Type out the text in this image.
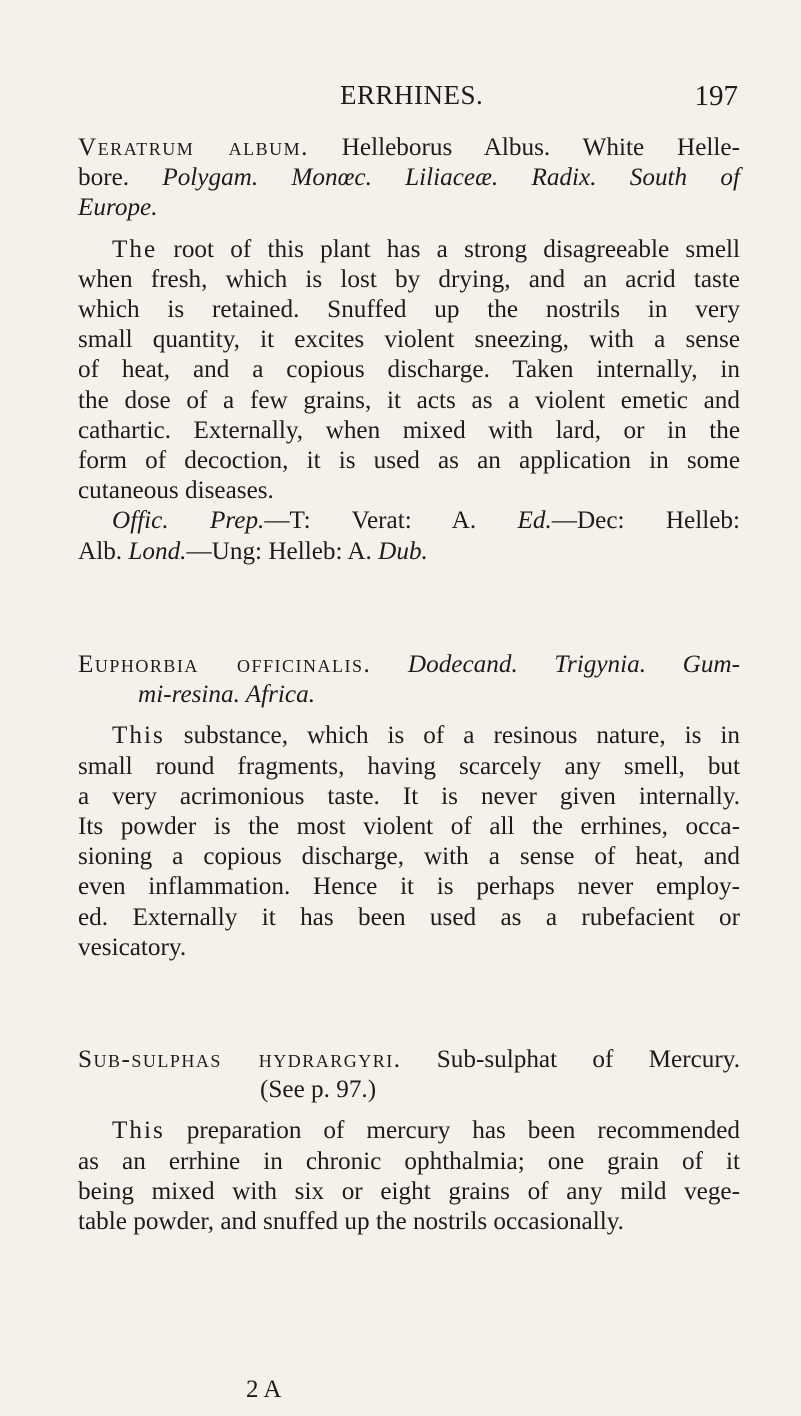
ERRHINES.	197
Veratrum album. Helleborus Albus. White Helle-
bore. Polygam. Monœc. Liliaceæ. Radix. South of
Europe.
The root of this plant has a strong disagreeable smell
when fresh, which is lost by drying, and an acrid taste
which is retained. Snuffed up the nostrils in very
small quantity, it excites violent sneezing, with a sense
of heat, and a copious discharge. Taken internally, in
the dose of a few grains, it acts as a violent emetic and
cathartic. Externally, when mixed with lard, or in the
form of decoction, it is used as an application in some
cutaneous diseases.
Offic. Prep.—T: Verat: A. Ed.—Dec: Helleb:
Alb. Lond.—Ung: Helleb: A. Dub.
Euphorbia officinalis. Dodecand. Trigynia. Gum-
mi-resina. Africa.
This substance, which is of a resinous nature, is in
small round fragments, having scarcely any smell, but
a very acrimonious taste. It is never given internally.
Its powder is the most violent of all the errhines, occa-
sioning a copious discharge, with a sense of heat, and
even inflammation. Hence it is perhaps never employ-
ed. Externally it has been used as a rubefacient or
vesicatory.
Sub-sulphas hydrargyri. Sub-sulphat of Mercury.
(See p. 97.)
This preparation of mercury has been recommended
as an errhine in chronic ophthalmia; one grain of it
being mixed with six or eight grains of any mild vege-
table powder, and snuffed up the nostrils occasionally.
2 A
